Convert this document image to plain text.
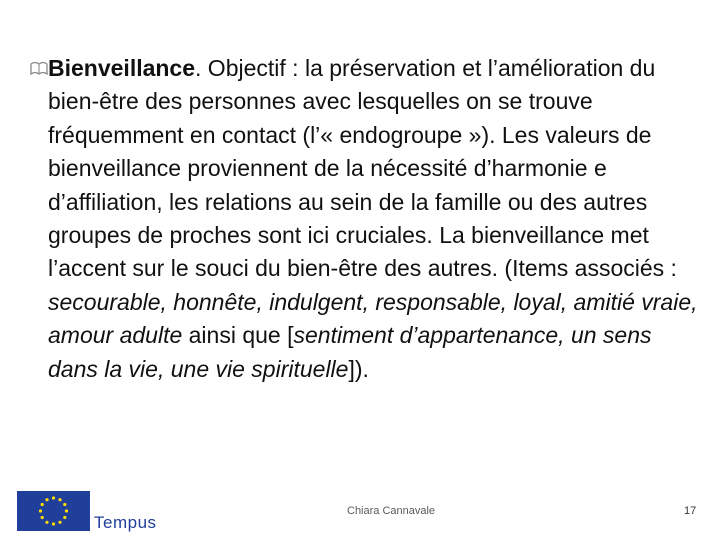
Bienveillance. Objectif : la préservation et l’amélioration du bien-être des personnes avec lesquelles on se trouve fréquemment en contact (l’« endogroupe »). Les valeurs de bienveillance proviennent de la nécessité d’harmonie e d’affiliation, les relations au sein de la famille ou des autres groupes de proches sont ici cruciales. La bienveillance met l’accent sur le souci du bien-être des autres. (Items associés : secourable, honnête, indulgent, responsable, loyal, amitié vraie, amour adulte ainsi que [sentiment d’appartenance, un sens dans la vie, une vie spirituelle]).

Tempus
Chiara Cannavale	17
